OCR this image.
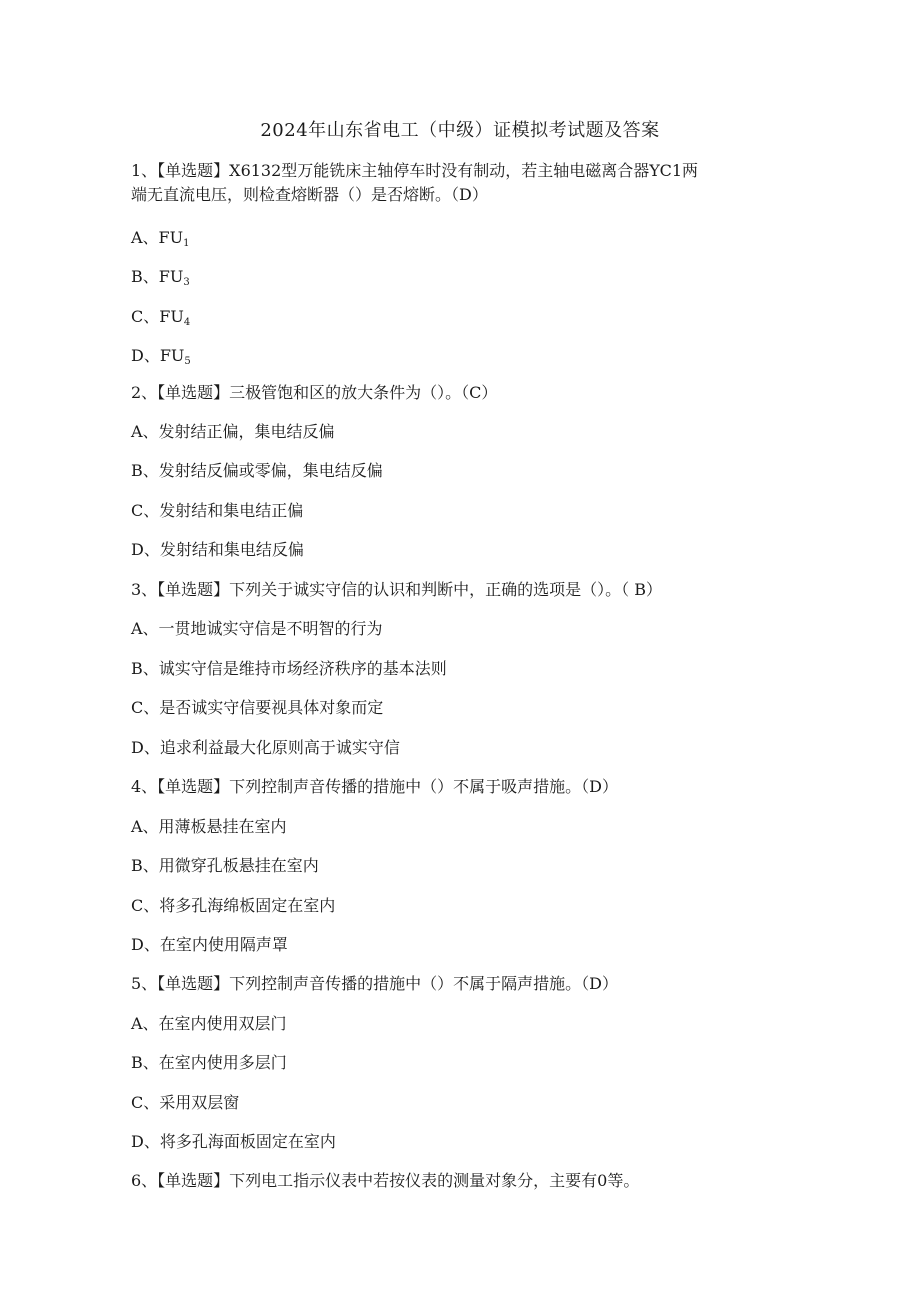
2024年山东省电工（中级）证模拟考试题及答案
1、【单选题】X6132型万能铣床主轴停车时没有制动，若主轴电磁离合器YC1两
端无直流电压，则检查熔断器（）是否熔断。（D）
A、$FU_1$
B、$FU_3$
C、$FU_4$
D、$FU_5$
2、【单选题】三极管饱和区的放大条件为（）。（C）
A、发射结正偏，集电结反偏
B、发射结反偏或零偏，集电结反偏
C、发射结和集电结正偏
D、发射结和集电结反偏
3、【单选题】下列关于诚实守信的认识和判断中，正确的选项是（）。（ B）
A、一贯地诚实守信是不明智的行为
B、诚实守信是维持市场经济秩序的基本法则
C、是否诚实守信要视具体对象而定
D、追求利益最大化原则高于诚实守信
4、【单选题】下列控制声音传播的措施中（）不属于吸声措施。（D）
A、用薄板悬挂在室内
B、用微穿孔板悬挂在室内
C、将多孔海绵板固定在室内
D、在室内使用隔声罩
5、【单选题】下列控制声音传播的措施中（）不属于隔声措施。（D）
A、在室内使用双层门
B、在室内使用多层门
C、采用双层窗
D、将多孔海面板固定在室内
6、【单选题】下列电工指示仪表中若按仪表的测量对象分，主要有0等。
